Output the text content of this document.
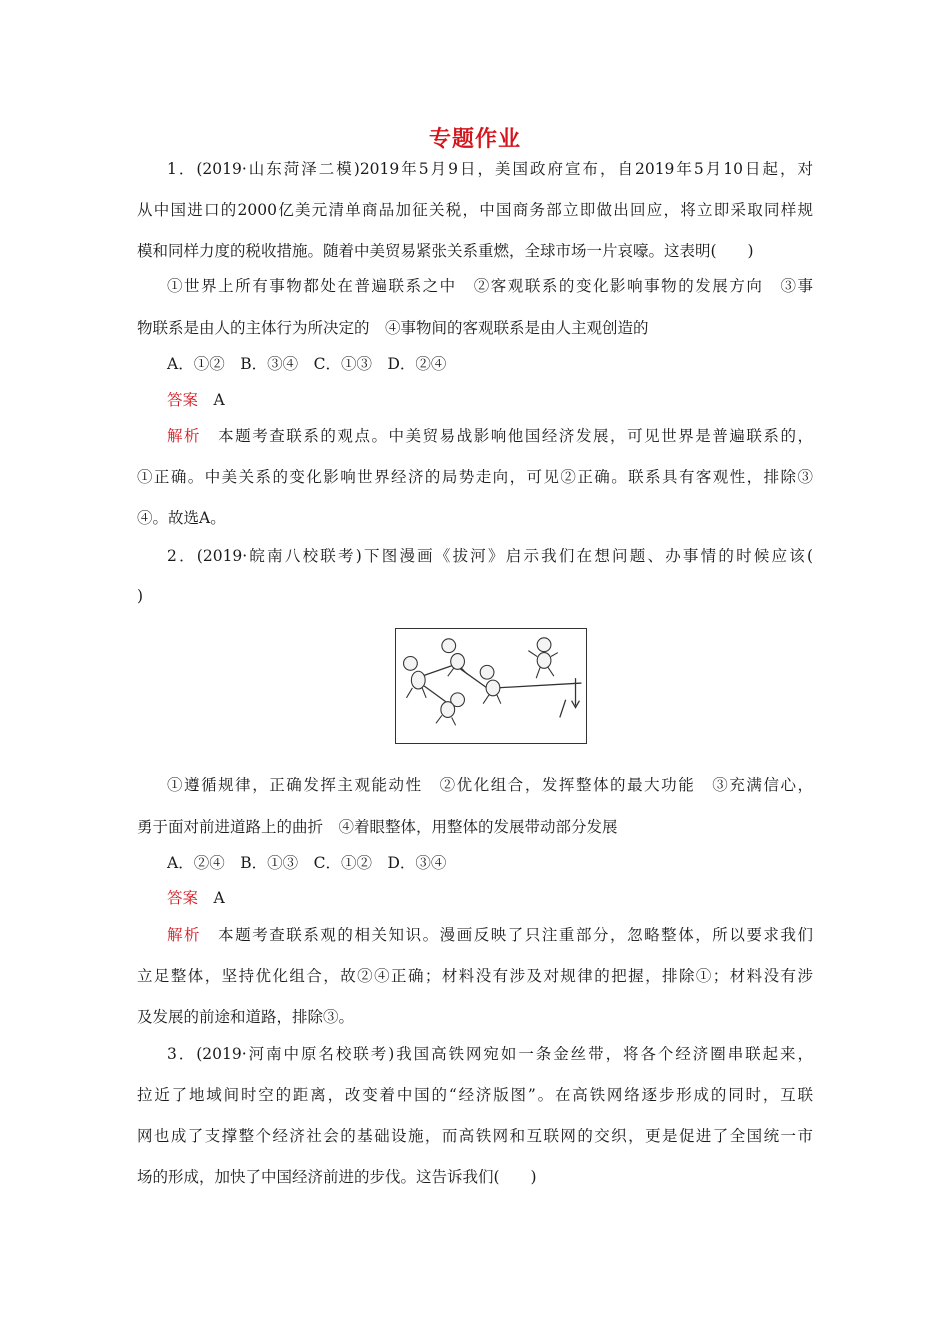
专题作业
1．(2019·山东菏泽二模)2019年5月9日，美国政府宣布，自2019年5月10日起，对
从中国进口的2000亿美元清单商品加征关税，中国商务部立即做出回应，将立即采取同样规
模和同样力度的税收措施。随着中美贸易紧张关系重燃，全球市场一片哀嚎。这表明(　　)
①世界上所有事物都处在普遍联系之中　②客观联系的变化影响事物的发展方向　③事
物联系是由人的主体行为所决定的　④事物间的客观联系是由人主观创造的
A．①②　B．③④　C．①③　D．②④
答案　 A
解析　 本题考查联系的观点。中美贸易战影响他国经济发展，可见世界是普遍联系的，
①正确。中美关系的变化影响世界经济的局势走向，可见②正确。联系具有客观性，排除③
④。故选A。
2．(2019·皖南八校联考)下图漫画《拔河》启示我们在想问题、办事情的时候应该(
)
①遵循规律，正确发挥主观能动性　②优化组合，发挥整体的最大功能　③充满信心，
勇于面对前进道路上的曲折　④着眼整体，用整体的发展带动部分发展
A．②④　B．①③　C．①②　D．③④
答案　 A
解析　 本题考查联系观的相关知识。漫画反映了只注重部分，忽略整体，所以要求我们
立足整体，坚持优化组合，故②④正确；材料没有涉及对规律的把握，排除①；材料没有涉
及发展的前途和道路，排除③。
3．(2019·河南中原名校联考)我国高铁网宛如一条金丝带，将各个经济圈串联起来，
拉近了地域间时空的距离，改变着中国的“经济版图”。在高铁网络逐步形成的同时，互联
网也成了支撑整个经济社会的基础设施，而高铁网和互联网的交织，更是促进了全国统一市
场的形成，加快了中国经济前进的步伐。这告诉我们(　　)
